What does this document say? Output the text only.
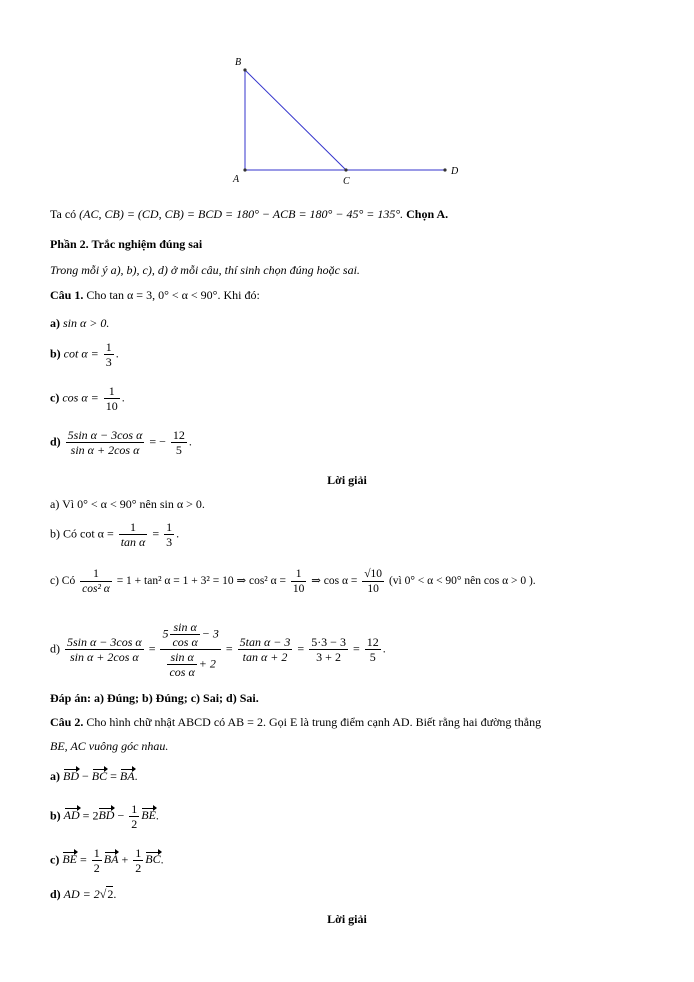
B
A	C
D
Ta có (AC, CB) = (CD, CB) = BCD = 180° − ACB = 180° − 45° = 135°. Chọn A.
Phần 2. Trắc nghiệm đúng sai
Trong mỗi ý a), b), c), d) ở mỗi câu, thí sinh chọn đúng hoặc sai.
Câu 1. Cho tan α = 3, 0° < α < 90°. Khi đó:
a) sin α > 0.
b) $\cot \alpha = \frac{1}{3}$ .
c) $\cos \alpha = \frac{1}{10}$ .
$d) \frac{\text{5sin α − 3cos α}}{\text{sin α + 2cos α}}$ = − $\frac{12}{5}$ .
Lời giải
a) Vì 0° < α < 90° nên sin α > 0.
b) Có $\cot \alpha = \frac{1}{\text{tan α}} = \frac{1}{3}$ .
c) Có $\frac{1}{\text{cos² α}} = 1 + \tan^2$ α = 1 + 3² = 10 ⇒ cos² $\alpha = \frac{1}{10}$ ⇒ $\cos \alpha = \frac{√10}{10}$ (vì 0° < α < 90° nên cos α > 0 ).
$d) \frac{\text{5sin α − 3cos α}}{\text{sin α + 2cos α}} = \frac{5 \frac{\text{sin α}}{\text{cos α}} - 3}{\frac{\text{sin α}}{\text{cos α}} + 2} = \frac{\text{5tan α − 3}}{\text{tan α + 2}} = \frac{5\cdot 3 - 3}{3 + 2} = \frac{12}{5}$ .
Đáp án: a) Đúng; b) Đúng; c) Sai; d) Sai.
Câu 2. Cho hình chữ nhật ABCD có AB = 2. Gọi E là trung điểm cạnh AD. Biết rằng hai đường thẳng
BE, AC vuông góc nhau.
a) BD − BC = BA.
b) AD = $2BD - \frac{1}{2}$ BE.
c) BE = $\frac{1}{2}$ BA + $\frac{1}{2}$ BC.
d) AD = 2√2.
Lời giải
